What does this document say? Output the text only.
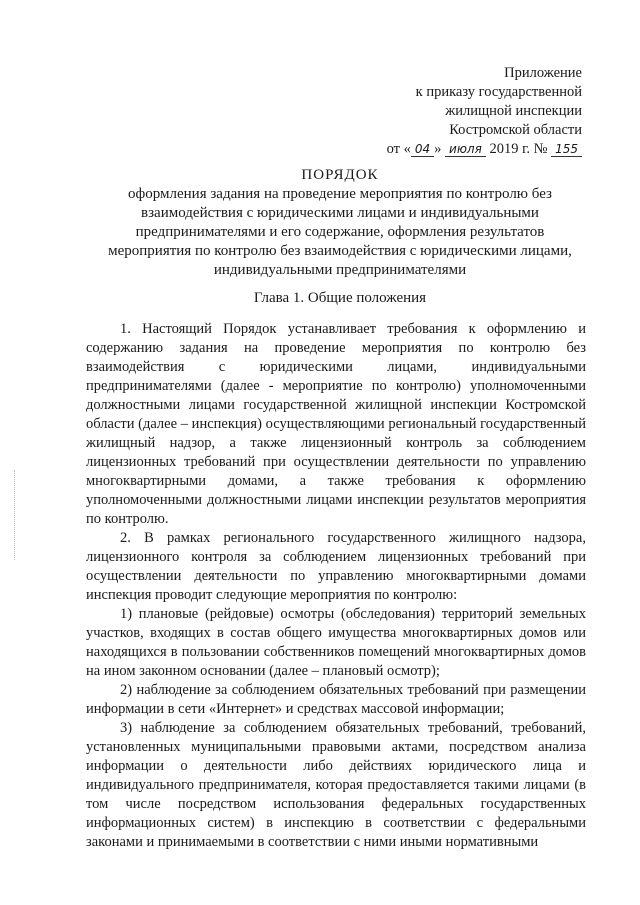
Приложение
к приказу государственной
жилищной инспекции
Костромской области
от « 04 » июля 2019 г. № 155
ПОРЯДОК
оформления задания на проведение мероприятия по контролю без
взаимодействия с юридическими лицами и индивидуальными
предпринимателями и его содержание, оформления результатов
мероприятия по контролю без взаимодействия с юридическими лицами,
индивидуальными предпринимателями
Глава 1. Общие положения

1. Настоящий Порядок устанавливает требования к оформлению и содержанию задания на проведение мероприятия по контролю без взаимодействия с юридическими лицами, индивидуальными предпринимателями (далее - мероприятие по контролю) уполномоченными должностными лицами государственной жилищной инспекции Костромской области (далее – инспекция) осуществляющими региональный государственный жилищный надзор, а также лицензионный контроль за соблюдением лицензионных требований при осуществлении деятельности по управлению многоквартирными домами, а также требования к оформлению уполномоченными должностными лицами инспекции результатов мероприятия по контролю.

2. В рамках регионального государственного жилищного надзора, лицензионного контроля за соблюдением лицензионных требований при осуществлении деятельности по управлению многоквартирными домами инспекция проводит следующие мероприятия по контролю:

1) плановые (рейдовые) осмотры (обследования) территорий земельных участков, входящих в состав общего имущества многоквартирных домов или находящихся в пользовании собственников помещений многоквартирных домов на ином законном основании (далее – плановый осмотр);

2) наблюдение за соблюдением обязательных требований при размещении информации в сети «Интернет» и средствах массовой информации;

3) наблюдение за соблюдением обязательных требований, требований, установленных муниципальными правовыми актами, посредством анализа информации о деятельности либо действиях юридического лица и индивидуального предпринимателя, которая предоставляется такими лицами (в том числе посредством использования федеральных государственных информационных систем) в инспекцию в соответствии с федеральными законами и принимаемыми в соответствии с ними иными нормативными
